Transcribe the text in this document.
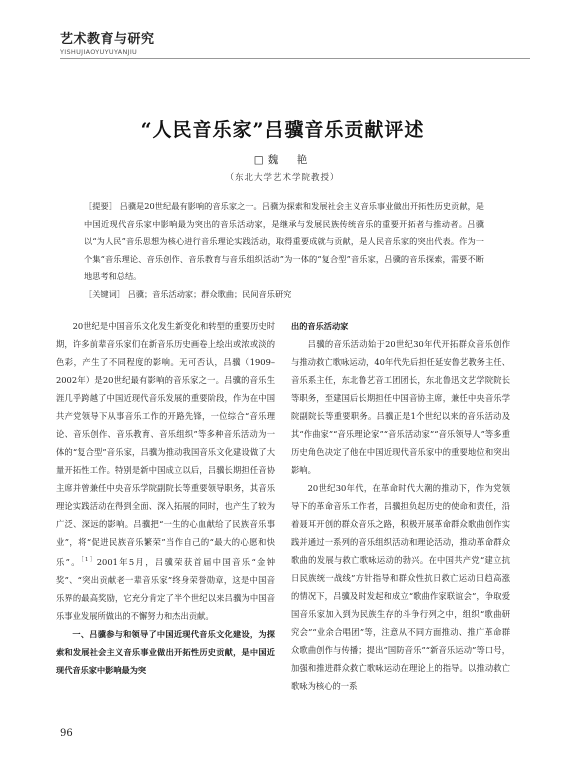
艺术教育与研究
YISHUJIAOYUYUYANJIU
“人民音乐家”吕骥音乐贡献评述
□魏　艳
（东北大学艺术学院教授）
［提要］ 吕骥是20世纪最有影响的音乐家之一。吕骥为探索和发展社会主义音乐事业做出开拓性历史贡献，是中国近现代音乐家中影响最为突出的音乐活动家，是继承与发展民族传统音乐的重要开拓者与推动者。吕骥以“为人民”音乐思想为核心进行音乐理论实践活动，取得重要成就与贡献，是人民音乐家的突出代表。作为一个集“音乐理论、音乐创作、音乐教育与音乐组织活动”为一体的“复合型”音乐家，吕骥的音乐探索，需要不断地思考和总结。
［关键词］ 吕骥；音乐活动家；群众歌曲；民间音乐研究

20世纪是中国音乐文化发生新变化和转型的重要历史时期，许多前辈音乐家们在新音乐历史画卷上绘出或浓或淡的色彩，产生了不同程度的影响。无可否认，吕骥（1909–2002年）是20世纪最有影响的音乐家之一。吕骥的音乐生涯几乎跨越了中国近现代音乐发展的重要阶段，作为在中国共产党领导下从事音乐工作的开路先锋，一位综合“音乐理论、音乐创作、音乐教育、音乐组织”等多种音乐活动为一体的“复合型”音乐家，吕骥为推动我国音乐文化建设做了大量开拓性工作。特别是新中国成立以后，吕骥长期担任音协主席并曾兼任中央音乐学院副院长等重要领导职务，其音乐理论实践活动在得到全面、深入拓展的同时，也产生了较为广泛、深远的影响。吕骥把“一生的心血献给了民族音乐事业”，将“促进民族音乐繁荣”当作自己的“最大的心愿和快乐”。$^{[1]}$2001年5月，吕骥荣获首届中国音乐“金钟奖”、“突出贡献老一辈音乐家”终身荣誉勋章，这是中国音乐界的最高奖励，它充分肯定了半个世纪以来吕骥为中国音乐事业发展所做出的不懈努力和杰出贡献。

一、吕骥参与和领导了中国近现代音乐文化建设，为探索和发展社会主义音乐事业做出开拓性历史贡献，是中国近现代音乐家中影响最为突

出的音乐活动家

吕骥的音乐活动始于20世纪30年代开拓群众音乐创作与推动救亡歌咏运动，40年代先后担任延安鲁艺教务主任、音乐系主任，东北鲁艺音工团团长，东北鲁迅文艺学院院长等职务，至建国后长期担任中国音协主席，兼任中央音乐学院副院长等重要职务。吕骥正是1个世纪以来的音乐活动及其“作曲家”“音乐理论家”“音乐活动家”“音乐领导人”等多重历史角色决定了他在中国近现代音乐家中的重要地位和突出影响。

20世纪30年代，在革命时代大潮的推动下，作为党领导下的革命音乐工作者，吕骥担负起历史的使命和责任，沿着聂耳开创的群众音乐之路，积极开展革命群众歌曲创作实践并通过一系列的音乐组织活动和理论活动，推动革命群众歌曲的发展与救亡歌咏运动的勃兴。在中国共产党“建立抗日民族统一战线”方针指导和群众性抗日救亡运动日趋高涨的情况下，吕骥及时发起和成立“歌曲作家联谊会”，争取爱国音乐家加入到为民族生存的斗争行列之中，组织“歌曲研究会”“业余合唱团”等，注意从不同方面推动、推广革命群众歌曲创作与传播；提出“国防音乐”“新音乐运动”等口号，加强和推进群众救亡歌咏运动在理论上的指导。以推动救亡歌咏为核心的一系

96
